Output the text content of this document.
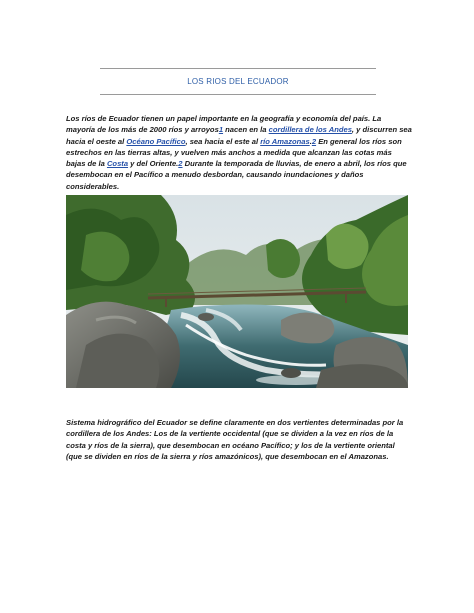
LOS RIOS DEL ECUADOR

Los ríos de Ecuador tienen un papel importante en la geografía y economía del país. La mayoría de los más de 2000 ríos y arroyos1 nacen en la cordillera de los Andes, y discurren sea hacia el oeste al Océano Pacífico, sea hacia el este al río Amazonas.2 En general los ríos son estrechos en las tierras altas, y vuelven más anchos a medida que alcanzan las cotas más bajas de la Costa y del Oriente.2 Durante la temporada de lluvias, de enero a abril, los ríos que desembocan en el Pacífico a menudo desbordan, causando inundaciones y daños considerables.

Sistema hidrográfico del Ecuador se define claramente en dos vertientes determinadas por la cordillera de los Andes: Los de la vertiente occidental (que se dividen a la vez en ríos de la costa y ríos de la sierra), que desembocan en océano Pacífico; y los de la vertiente oriental (que se dividen en ríos de la sierra y ríos amazónicos), que desembocan en el Amazonas.
